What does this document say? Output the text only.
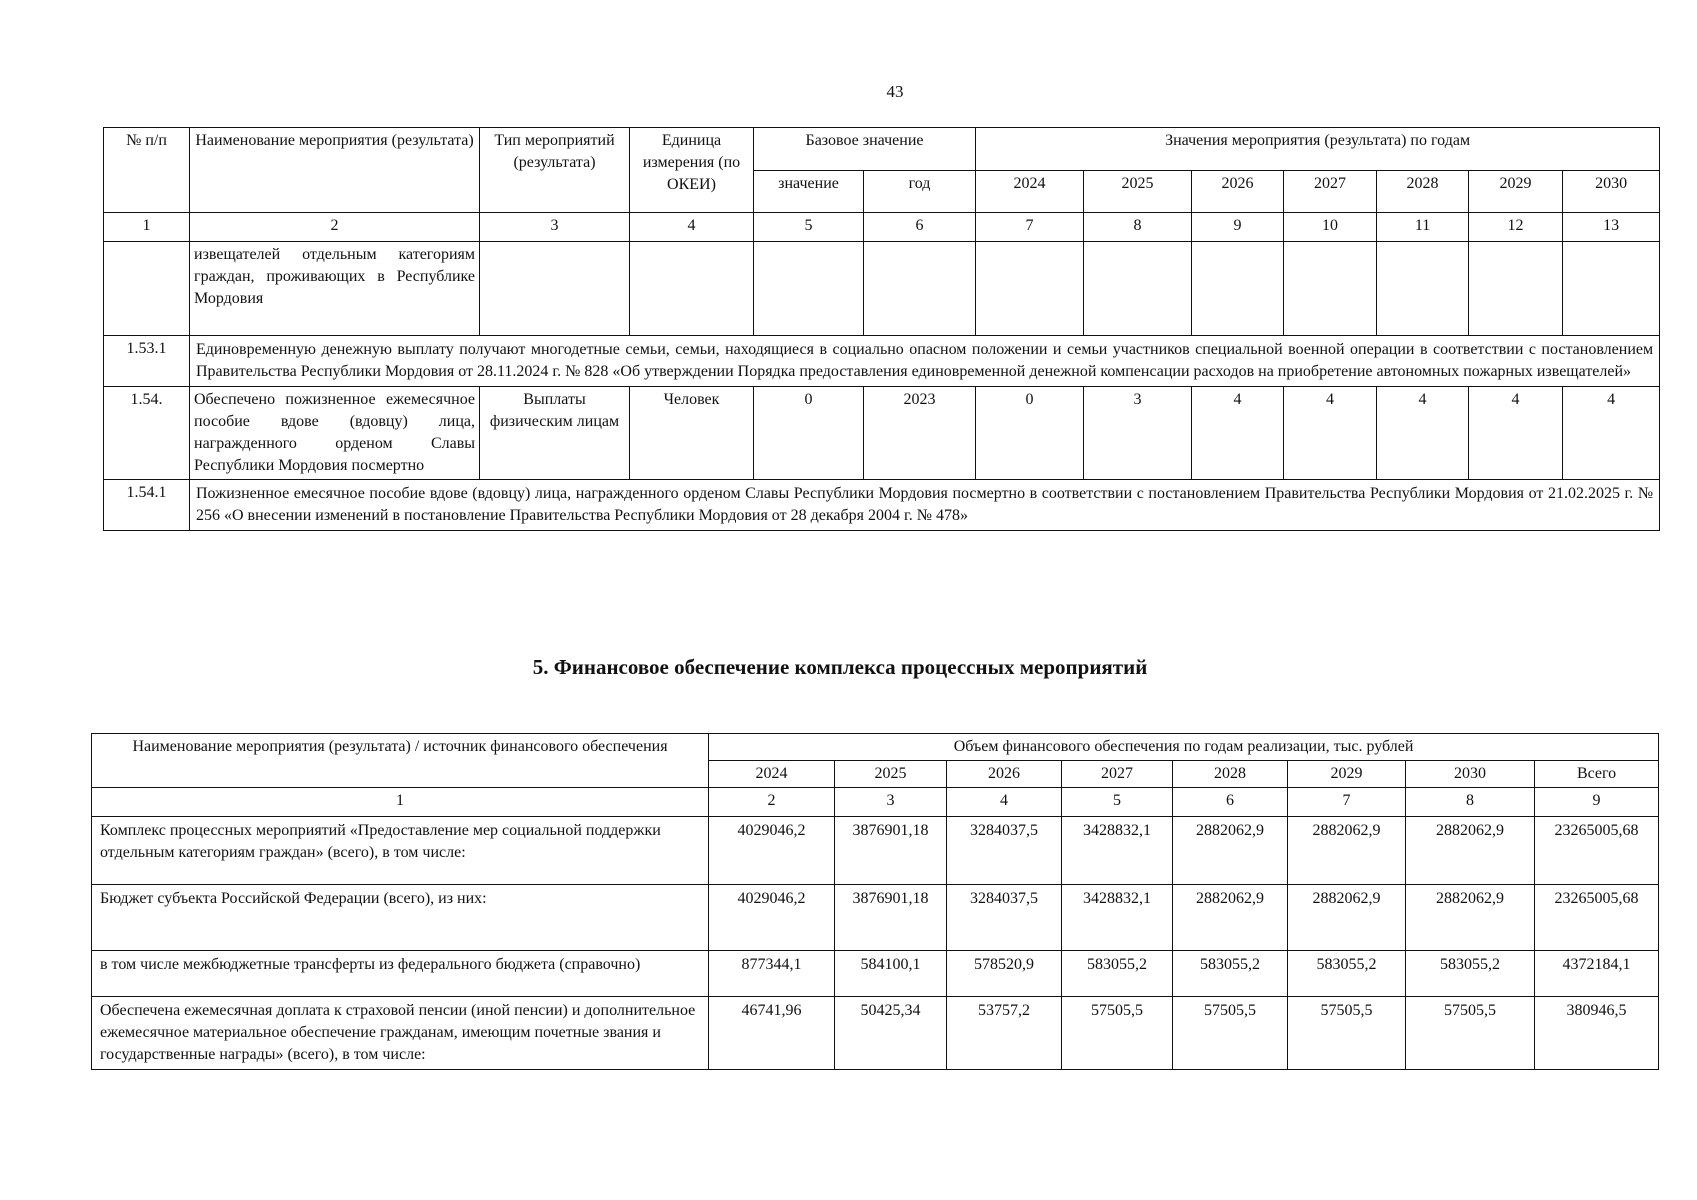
43
№ п/п	Наименование мероприятия (результата)	Тип мероприятий (результата)	Единица измерения (по ОКЕИ)	Базовое значение		Значения мероприятия (результата) по годам						
				значение	год	2024	2025	2026	2027	2028	2029	2030
1	2	3	4	5	6	7	8	9	10	11	12	13
	извещателей отдельным категориям граждан, проживающих в Республике Мордовия											
1.53.1	Единовременную денежную выплату получают многодетные семьи, семьи, находящиеся в социально опасном положении и семьи участников специальной военной операции в соответствии с постановлением Правительства Республики Мордовия от 28.11.2024 г. № 828 «Об утверждении Порядка предоставления единовременной денежной компенсации расходов на приобретение автономных пожарных извещателей»											
1.54.	Обеспечено пожизненное ежемесячное пособие вдове (вдовцу) лица, награжденного орденом Славы Республики Мордовия посмертно	Выплаты физическим лицам	Человек	0	2023	0	3	4	4	4	4	4
1.54.1	Пожизненное емесячное пособие вдове (вдовцу) лица, награжденного орденом Славы Республики Мордовия посмертно в соответствии с постановлением Правительства Республики Мордовия от 21.02.2025 г. № 256 «О внесении изменений в постановление Правительства Республики Мордовия от 28 декабря 2004 г. № 478»											
5. Финансовое обеспечение комплекса процессных мероприятий
Наименование мероприятия (результата) / источник финансового обеспечения	Объем финансового обеспечения по годам реализации, тыс. рублей							
	2024	2025	2026	2027	2028	2029	2030	Всего
1	2	3	4	5	6	7	8	9
Комплекс процессных мероприятий «Предоставление мер социальной поддержки отдельным категориям граждан» (всего), в том числе:	4029046,2	3876901,18	3284037,5	3428832,1	2882062,9	2882062,9	2882062,9	23265005,68
Бюджет субъекта Российской Федерации (всего), из них:	4029046,2	3876901,18	3284037,5	3428832,1	2882062,9	2882062,9	2882062,9	23265005,68
в том числе межбюджетные трансферты из федерального бюджета (справочно)	877344,1	584100,1	578520,9	583055,2	583055,2	583055,2	583055,2	4372184,1
Обеспечена ежемесячная доплата к страховой пенсии (иной пенсии) и дополнительное ежемесячное материальное обеспечение гражданам, имеющим почетные звания и государственные награды» (всего), в том числе:	46741,96	50425,34	53757,2	57505,5	57505,5	57505,5	57505,5	380946,5
